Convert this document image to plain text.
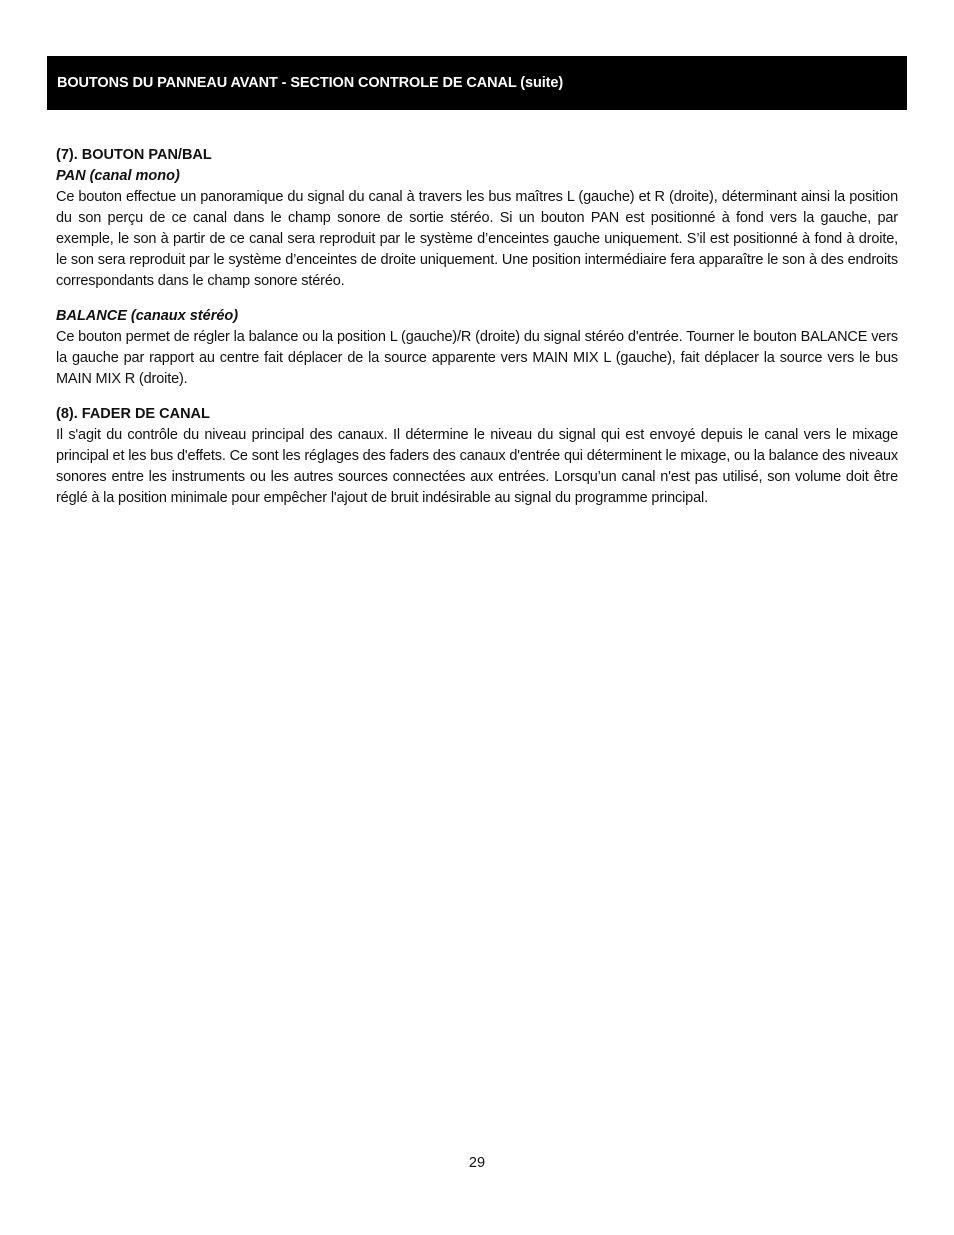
BOUTONS DU PANNEAU AVANT - SECTION CONTROLE DE CANAL (suite)

(7). BOUTON PAN/BAL

PAN (canal mono)

Ce bouton effectue un panoramique du signal du canal à travers les bus maîtres L (gauche) et R (droite), déterminant ainsi la position du son perçu de ce canal dans le champ sonore de sortie stéréo. Si un bouton PAN est positionné à fond vers la gauche, par exemple, le son à partir de ce canal sera reproduit par le système d’enceintes gauche uniquement. S’il est positionné à fond à droite, le son sera reproduit par le système d’enceintes de droite uniquement. Une position intermédiaire fera apparaître le son à des endroits correspondants dans le champ sonore stéréo.

BALANCE (canaux stéréo)

Ce bouton permet de régler la balance ou la position L (gauche)/R (droite) du signal stéréo d'entrée. Tourner le bouton BALANCE vers la gauche par rapport au centre fait déplacer de la source apparente vers MAIN MIX L (gauche), fait déplacer la source vers le bus MAIN MIX R (droite).

(8). FADER DE CANAL

Il s'agit du contrôle du niveau principal des canaux. Il détermine le niveau du signal qui est envoyé depuis le canal vers le mixage principal et les bus d'effets. Ce sont les réglages des faders des canaux d'entrée qui déterminent le mixage, ou la balance des niveaux sonores entre les instruments ou les autres sources connectées aux entrées. Lorsqu’un canal n'est pas utilisé, son volume doit être réglé à la position minimale pour empêcher l'ajout de bruit indésirable au signal du programme principal.

29
